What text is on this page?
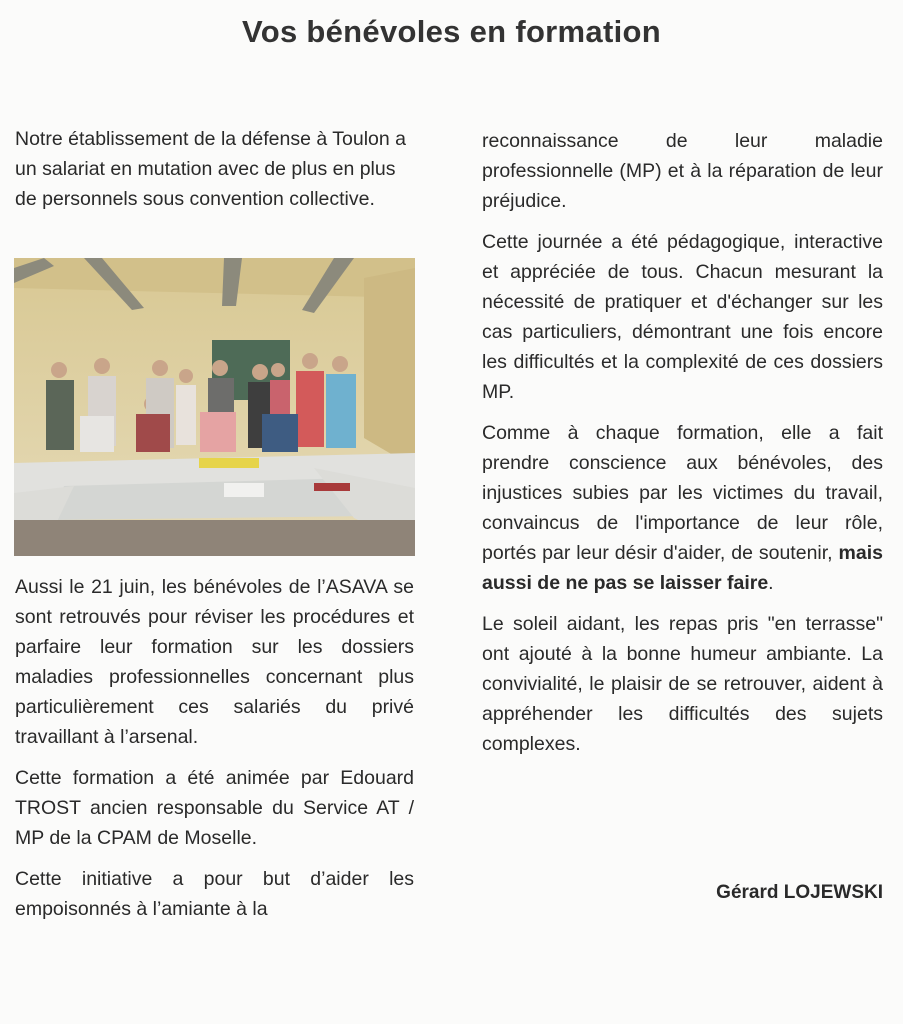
Vos bénévoles en formation
Notre établissement de la défense à Toulon a un salariat en mutation avec de plus en plus de personnels sous convention collective.

Aussi le 21 juin, les bénévoles de l’ASAVA se sont retrouvés pour réviser les procédures et parfaire leur formation sur les dossiers maladies professionnelles concernant plus particulièrement ces salariés du privé travaillant à l’arsenal.

Cette formation a été animée par Edouard TROST ancien responsable du Service AT / MP de la CPAM de Moselle.

Cette initiative a pour but d’aider les empoisonnés à l’amiante à la

reconnaissance de leur maladie professionnelle (MP) et à la réparation de leur préjudice.

Cette journée a été pédagogique, interactive et appréciée de tous. Chacun mesurant la nécessité de pratiquer et d'échanger sur les cas particuliers, démontrant une fois encore les difficultés et la complexité de ces dossiers MP.

Comme à chaque formation, elle a fait prendre conscience aux bénévoles, des injustices subies par les victimes du travail, convaincus de l'importance de leur rôle, portés par leur désir d'aider, de soutenir, mais aussi de ne pas se laisser faire.

Le soleil aidant, les repas pris "en terrasse" ont ajouté à la bonne humeur ambiante. La convivialité, le plaisir de se retrouver, aident à appréhender les difficultés des sujets complexes.

Gérard LOJEWSKI
